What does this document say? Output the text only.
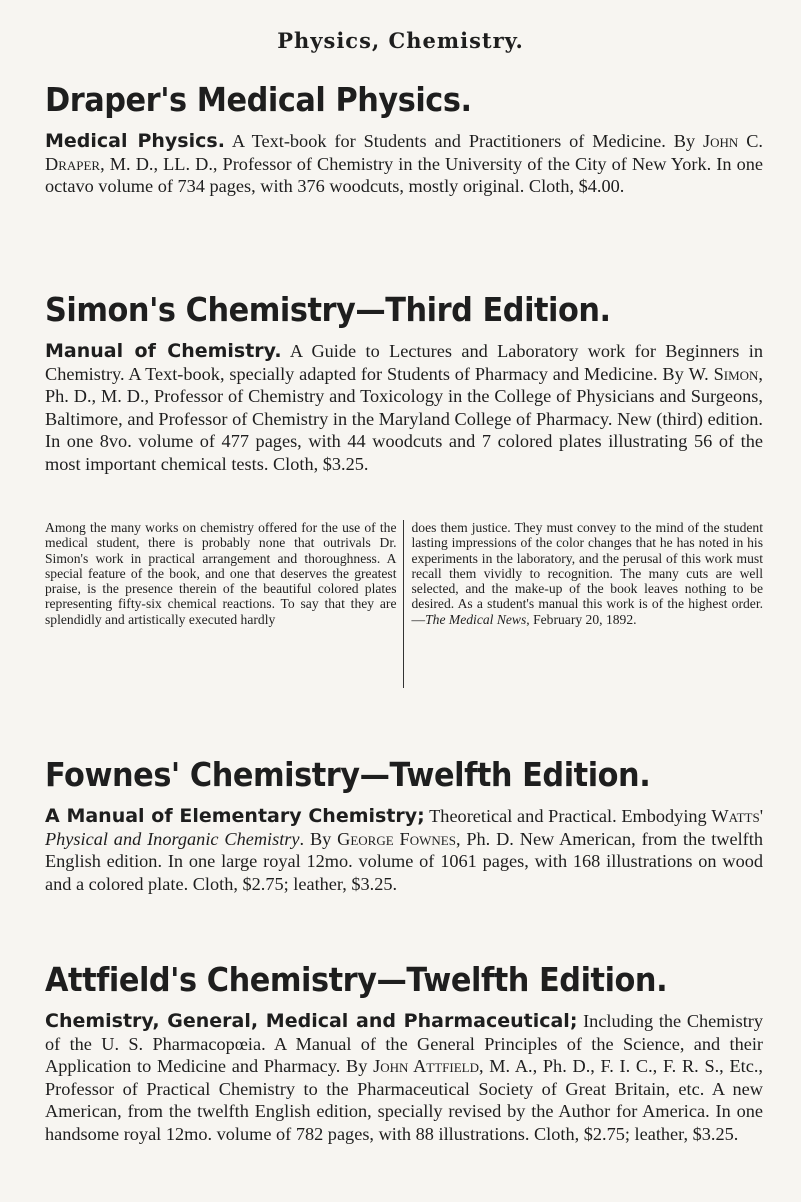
Physics, Chemistry.
Draper's Medical Physics.
Medical Physics. A Text-book for Students and Practitioners of Medicine. By John C. Draper, M. D., LL. D., Professor of Chemistry in the University of the City of New York. In one octavo volume of 734 pages, with 376 woodcuts, mostly original. Cloth, $4.00.
Simon's Chemistry—Third Edition.
Manual of Chemistry. A Guide to Lectures and Laboratory work for Beginners in Chemistry. A Text-book, specially adapted for Students of Pharmacy and Medicine. By W. Simon, Ph. D., M. D., Professor of Chemistry and Toxicology in the College of Physicians and Surgeons, Baltimore, and Professor of Chemistry in the Maryland College of Pharmacy. New (third) edition. In one 8vo. volume of 477 pages, with 44 woodcuts and 7 colored plates illustrating 56 of the most important chemical tests. Cloth, $3.25.
Among the many works on chemistry offered for the use of the medical student, there is probably none that outrivals Dr. Simon's work in practical arrangement and thoroughness. A special feature of the book, and one that deserves the greatest praise, is the presence therein of the beautiful colored plates representing fifty-six chemical reactions. To say that they are splendidly and artistically executed hardly
does them justice. They must convey to the mind of the student lasting impressions of the color changes that he has noted in his experiments in the laboratory, and the perusal of this work must recall them vividly to recognition. The many cuts are well selected, and the make-up of the book leaves nothing to be desired. As a student's manual this work is of the highest order.—The Medical News, February 20, 1892.
Fownes' Chemistry—Twelfth Edition.
A Manual of Elementary Chemistry; Theoretical and Practical. Embodying Watts' Physical and Inorganic Chemistry. By George Fownes, Ph. D. New American, from the twelfth English edition. In one large royal 12mo. volume of 1061 pages, with 168 illustrations on wood and a colored plate. Cloth, $2.75; leather, $3.25.
Attfield's Chemistry—Twelfth Edition.
Chemistry, General, Medical and Pharmaceutical; Including the Chemistry of the U. S. Pharmacopœia. A Manual of the General Principles of the Science, and their Application to Medicine and Pharmacy. By John Attfield, M. A., Ph. D., F. I. C., F. R. S., Etc., Professor of Practical Chemistry to the Pharmaceutical Society of Great Britain, etc. A new American, from the twelfth English edition, specially revised by the Author for America. In one handsome royal 12mo. volume of 782 pages, with 88 illustrations. Cloth, $2.75; leather, $3.25.
